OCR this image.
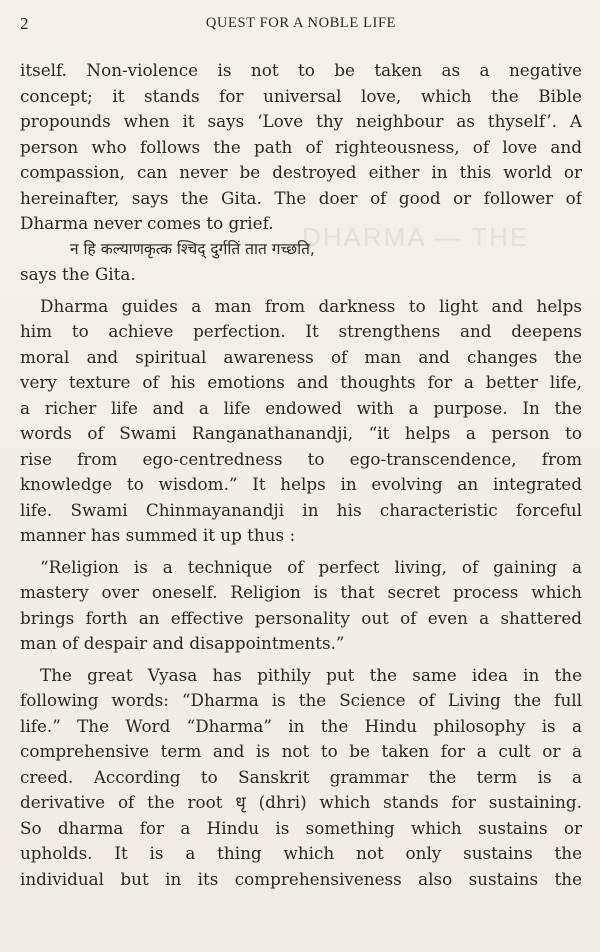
DHARMA — THE
2	QUEST FOR A NOBLE LIFE
itself. Non-violence is not to be taken as a negative
concept; it stands for universal love, which the Bible
propounds when it says ‘Love thy neighbour as thyself’. A
person who follows the path of righteousness, of love and
compassion, can never be destroyed either in this world or
hereinafter, says the Gita. The doer of good or follower of
Dharma never comes to grief.
न हि कल्याणकृत्क श्चिद् दुर्गतिं तात गच्छति,
says the Gita.
Dharma guides a man from darkness to light and helps
him to achieve perfection. It strengthens and deepens
moral and spiritual awareness of man and changes the
very texture of his emotions and thoughts for a better life,
a richer life and a life endowed with a purpose. In the
words of Swami Ranganathanandji, “it helps a person to
rise from ego-centredness to ego-transcendence, from
knowledge to wisdom.” It helps in evolving an integrated
life. Swami Chinmayanandji in his characteristic forceful
manner has summed it up thus :
“Religion is a technique of perfect living, of gaining a
mastery over oneself. Religion is that secret process which
brings forth an effective personality out of even a shattered
man of despair and disappointments.”
The great Vyasa has pithily put the same idea in the
following words: “Dharma is the Science of Living the full
life.” The Word “Dharma” in the Hindu philosophy is a
comprehensive term and is not to be taken for a cult or a
creed. According to Sanskrit grammar the term is a
derivative of the root धृ (dhri) which stands for sustaining.
So dharma for a Hindu is something which sustains or
upholds. It is a thing which not only sustains the
individual but in its comprehensiveness also sustains the
